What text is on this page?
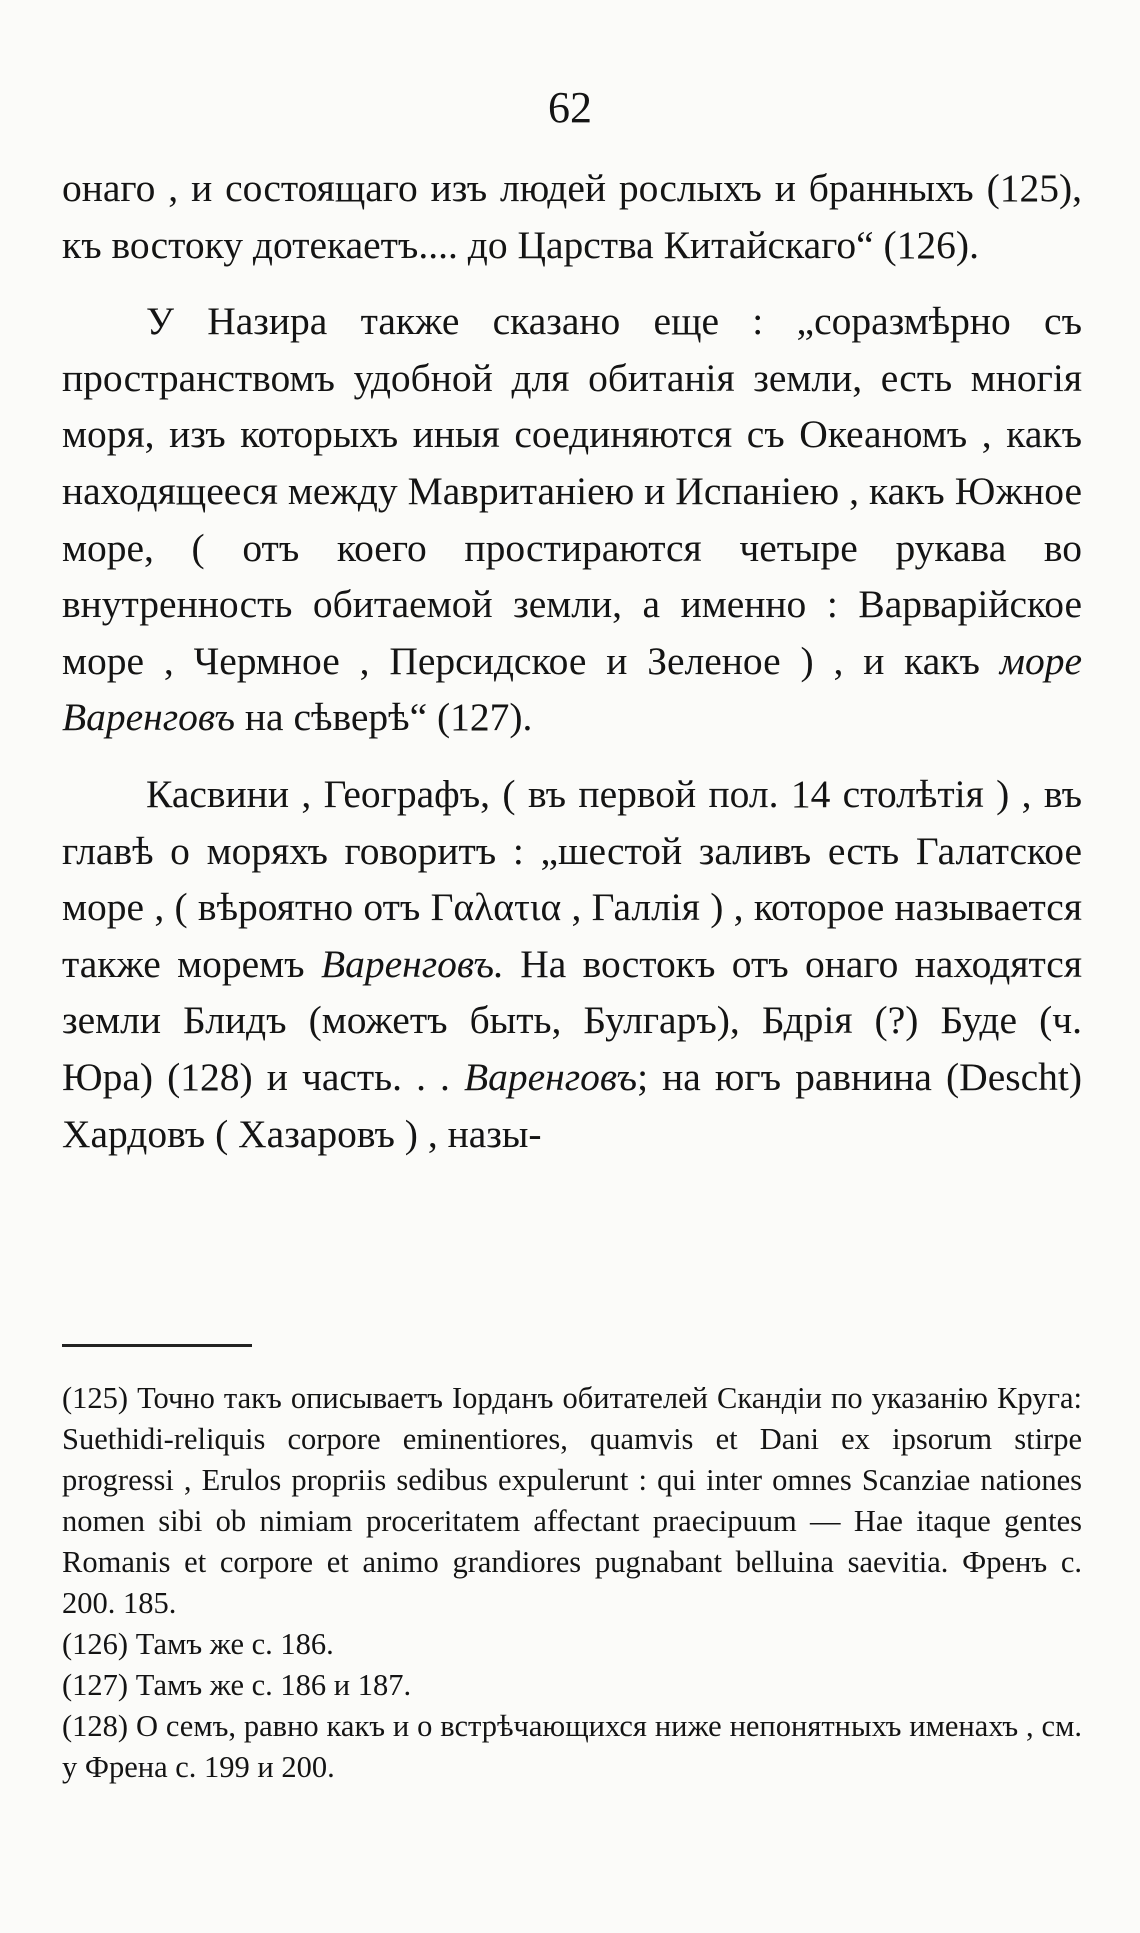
62

онаго , и состоящаго изъ людей рослыхъ и бранныхъ (125), къ востоку дотекаетъ.... до Царства Китайскаго“ (126).

У Назира также сказано еще : „соразмѣрно съ пространствомъ удобной для обитанія земли, есть многія моря, изъ которыхъ иныя соединяются съ Океаномъ , какъ находящееся между Мавританіею и Испаніею , какъ Южное море, ( отъ коего простираются четыре рукава во внутренность обитаемой земли, а именно : Варварійское море , Чермное , Персидское и Зеленое ) , и какъ море Варенговъ на сѣверѣ“ (127).

Касвини , Географъ, ( въ первой пол. 14 столѣтія ) , въ главѣ о моряхъ говоритъ : „шестой заливъ есть Галатское море , ( вѣроятно отъ Γαλατια , Галлія ) , которое называется также моремъ Варенговъ. На востокъ отъ онаго находятся земли Блидъ (можетъ быть, Булгаръ), Бдрія (?) Буде (ч. Юра) (128) и часть. . . Варенговъ; на югъ равнина (Descht) Хардовъ ( Хазаровъ ) , назы-

(125) Точно такъ описываетъ Iорданъ обитателей Скандіи по указанію Круга: Suethidi-reliquis corpore eminentiores, quamvis et Dani ex ipsorum stirpe progressi , Erulos propriis sedibus expulerunt : qui inter omnes Scanziae nationes nomen sibi ob nimiam proceritatem affectant praecipuum — Hae itaque gentes Romanis et corpore et animo grandiores pugnabant belluina saevitia. Френъ с. 200. 185.

(126) Тамъ же с. 186.

(127) Тамъ же с. 186 и 187.

(128) О семъ, равно какъ и о встрѣчающихся ниже непонятныхъ именахъ , см. у Френа с. 199 и 200.
